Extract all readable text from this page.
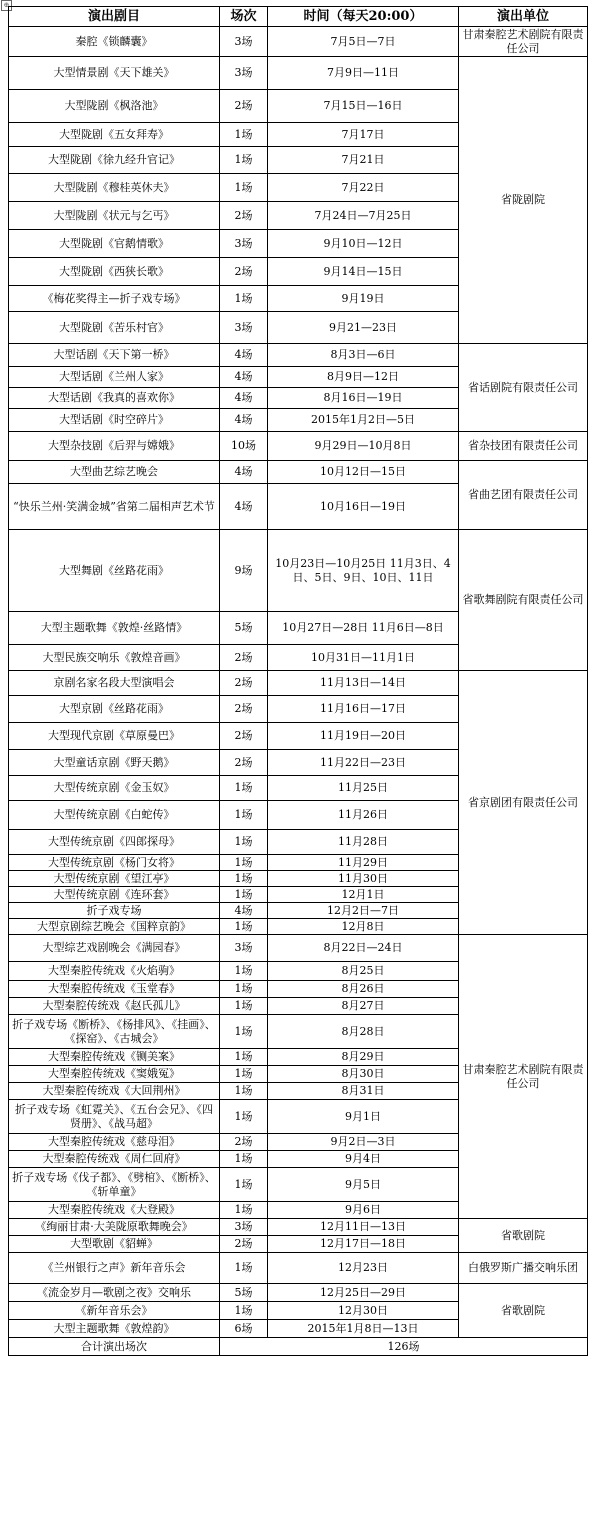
⊕
演出剧目	场次	时间（每天20:00）	演出单位
秦腔《锁麟囊》	3场	7月5日—7日	甘肃秦腔艺术剧院有限责任公司
大型情景剧《天下雄关》	3场	7月9日—11日	省陇剧院
大型陇剧《枫洛池》	2场	7月15日—16日	
大型陇剧《五女拜寿》	1场	7月17日	
大型陇剧《徐九经升官记》	1场	7月21日	
大型陇剧《穆桂英休夫》	1场	7月22日	
大型陇剧《状元与乞丐》	2场	7月24日—7月25日	
大型陇剧《官鹅情歌》	3场	9月10日—12日	
大型陇剧《西狭长歌》	2场	9月14日—15日	
《梅花奖得主—折子戏专场》	1场	9月19日	
大型陇剧《苦乐村官》	3场	9月21—23日	
大型话剧《天下第一桥》	4场	8月3日—6日	省话剧院有限责任公司
大型话剧《兰州人家》	4场	8月9日—12日	
大型话剧《我真的喜欢你》	4场	8月16日—19日	
大型话剧《时空碎片》	4场	2015年1月2日—5日	
大型杂技剧《后羿与嫦娥》	10场	9月29日—10月8日	省杂技团有限责任公司
大型曲艺综艺晚会	4场	10月12日—15日	省曲艺团有限责任公司
“快乐兰州·笑满金城”省第二届相声艺术节	4场	10月16日—19日	
大型舞剧《丝路花雨》	9场	10月23日—10月25日 11月3日、4日、5日、9日、10日、11日	省歌舞剧院有限责任公司
大型主题歌舞《敦煌·丝路情》	5场	10月27日—28日 11月6日—8日	
大型民族交响乐《敦煌音画》	2场	10月31日—11月1日	
京剧名家名段大型演唱会	2场	11月13日—14日	省京剧团有限责任公司
大型京剧《丝路花雨》	2场	11月16日—17日	
大型现代京剧《草原曼巴》	2场	11月19日—20日	
大型童话京剧《野天鹅》	2场	11月22日—23日	
大型传统京剧《金玉奴》	1场	11月25日	
大型传统京剧《白蛇传》	1场	11月26日	
大型传统京剧《四郎探母》	1场	11月28日	
大型传统京剧《杨门女将》	1场	11月29日	
大型传统京剧《望江亭》	1场	11月30日	
大型传统京剧《连环套》	1场	12月1日	
折子戏专场	4场	12月2日—7日	
大型京剧综艺晚会《国粹京韵》	1场	12月8日	
大型综艺戏剧晚会《满园春》	3场	8月22日—24日	甘肃秦腔艺术剧院有限责任公司
大型秦腔传统戏《火焰驹》	1场	8月25日	
大型秦腔传统戏《玉堂春》	1场	8月26日	
大型秦腔传统戏《赵氏孤儿》	1场	8月27日	
折子戏专场《断桥》、《杨排风》、《挂画》、《探窑》、《古城会》	1场	8月28日	
大型秦腔传统戏《铡美案》	1场	8月29日	
大型秦腔传统戏《窦娥冤》	1场	8月30日	
大型秦腔传统戏《大回荆州》	1场	8月31日	
折子戏专场《虹霓关》、《五台会兄》、《四贤册》、《战马超》	1场	9月1日	
大型秦腔传统戏《慈母泪》	2场	9月2日—3日	
大型秦腔传统戏《周仁回府》	1场	9月4日	
折子戏专场《伐子都》、《劈棺》、《断桥》、《斩单童》	1场	9月5日	
大型秦腔传统戏《大登殿》	1场	9月6日	
《绚丽甘肃·大美陇原歌舞晚会》	3场	12月11日—13日	省歌剧院
大型歌剧《貂蝉》	2场	12月17日—18日	
《兰州银行之声》新年音乐会	1场	12月23日	白俄罗斯广播交响乐团
《流金岁月—歌剧之夜》交响乐	5场	12月25日—29日	省歌剧院
《新年音乐会》	1场	12月30日	
大型主题歌舞《敦煌韵》	6场	2015年1月8日—13日	
合计演出场次	126场		
